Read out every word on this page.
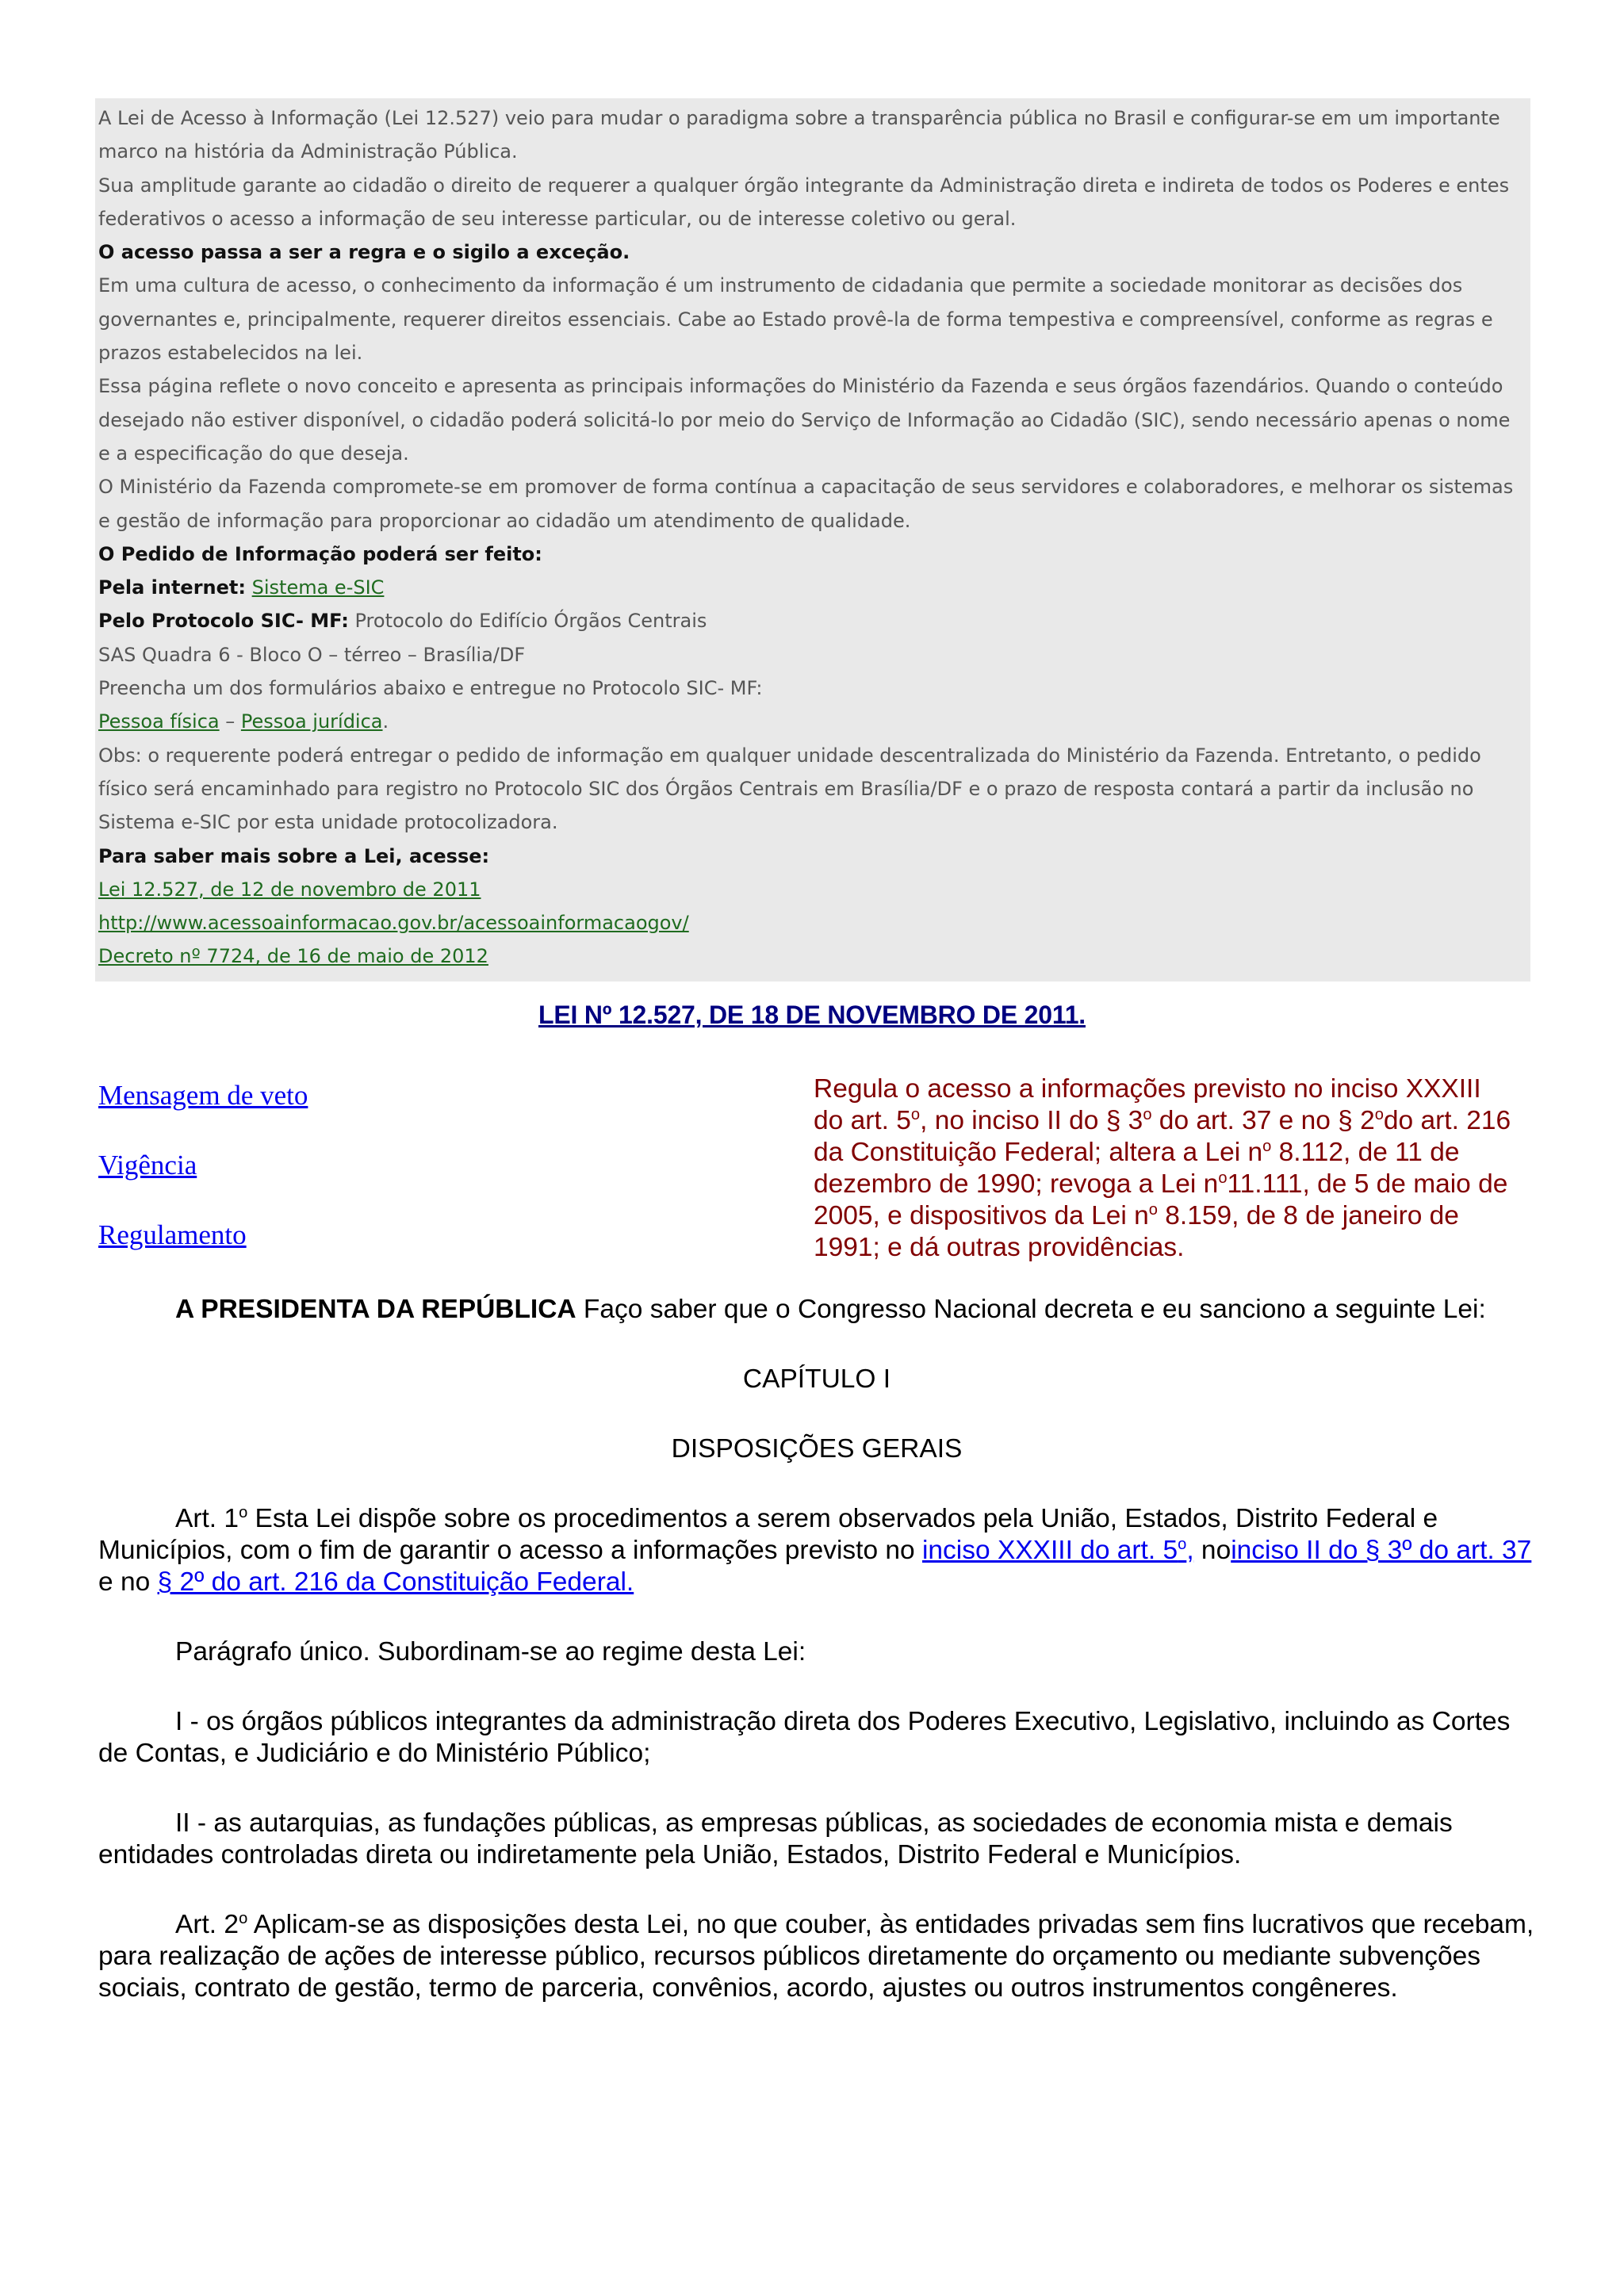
A Lei de Acesso à Informação (Lei 12.527) veio para mudar o paradigma sobre a transparência pública no Brasil e configurar-se em um importante marco na história da Administração Pública.

Sua amplitude garante ao cidadão o direito de requerer a qualquer órgão integrante da Administração direta e indireta de todos os Poderes e entes federativos o acesso a informação de seu interesse particular, ou de interesse coletivo ou geral.

O acesso passa a ser a regra e o sigilo a exceção.

Em uma cultura de acesso, o conhecimento da informação é um instrumento de cidadania que permite a sociedade monitorar as decisões dos governantes e, principalmente, requerer direitos essenciais. Cabe ao Estado provê-la de forma tempestiva e compreensível, conforme as regras e prazos estabelecidos na lei.

Essa página reflete o novo conceito e apresenta as principais informações do Ministério da Fazenda e seus órgãos fazendários. Quando o conteúdo desejado não estiver disponível, o cidadão poderá solicitá-lo por meio do Serviço de Informação ao Cidadão (SIC), sendo necessário apenas o nome e a especificação do que deseja.

O Ministério da Fazenda compromete-se em promover de forma contínua a capacitação de seus servidores e colaboradores, e melhorar os sistemas e gestão de informação para proporcionar ao cidadão um atendimento de qualidade.

O Pedido de Informação poderá ser feito:

Pela internet: Sistema e-SIC

Pelo Protocolo SIC- MF: Protocolo do Edifício Órgãos Centrais

SAS Quadra 6 - Bloco O – térreo – Brasília/DF

Preencha um dos formulários abaixo e entregue no Protocolo SIC- MF:

Pessoa física – Pessoa jurídica.

Obs: o requerente poderá entregar o pedido de informação em qualquer unidade descentralizada do Ministério da Fazenda. Entretanto, o pedido físico será encaminhado para registro no Protocolo SIC dos Órgãos Centrais em Brasília/DF e o prazo de resposta contará a partir da inclusão no Sistema e-SIC por esta unidade protocolizadora.

Para saber mais sobre a Lei, acesse:

Lei 12.527, de 12 de novembro de 2011

http://www.acessoainformacao.gov.br/acessoainformacaogov/

Decreto nº 7724, de 16 de maio de 2012

LEI Nº 12.527, DE 18 DE NOVEMBRO DE 2011.
Mensagem de veto
Vigência
Regulamento
Regula o acesso a informações previsto no inciso XXXIII do art. 5$^o$, no inciso II do § 3$^o$ do art. 37 e no § 2$^o$do art. 216 da Constituição Federal; altera a Lei $n^o$ 8.112, de 11 de dezembro de 1990; revoga a Lei $n^o11.111$, de 5 de maio de 2005, e dispositivos da Lei $n^o$ 8.159, de 8 de janeiro de 1991; e dá outras providências.

A PRESIDENTA DA REPÚBLICA Faço saber que o Congresso Nacional decreta e eu sanciono a seguinte Lei:

CAPÍTULO I
DISPOSIÇÕES GERAIS

Art. 1$^o$ Esta Lei dispõe sobre os procedimentos a serem observados pela União, Estados, Distrito Federal e Municípios, com o fim de garantir o acesso a informações previsto no inciso XXXIII do art. 5$^o$, noinciso II do § 3º do art. 37 e no § 2º do art. 216 da Constituição Federal.

Parágrafo único. Subordinam-se ao regime desta Lei:

I - os órgãos públicos integrantes da administração direta dos Poderes Executivo, Legislativo, incluindo as Cortes de Contas, e Judiciário e do Ministério Público;

II - as autarquias, as fundações públicas, as empresas públicas, as sociedades de economia mista e demais entidades controladas direta ou indiretamente pela União, Estados, Distrito Federal e Municípios.

Art. 2$^o$ Aplicam-se as disposições desta Lei, no que couber, às entidades privadas sem fins lucrativos que recebam, para realização de ações de interesse público, recursos públicos diretamente do orçamento ou mediante subvenções sociais, contrato de gestão, termo de parceria, convênios, acordo, ajustes ou outros instrumentos congêneres.
